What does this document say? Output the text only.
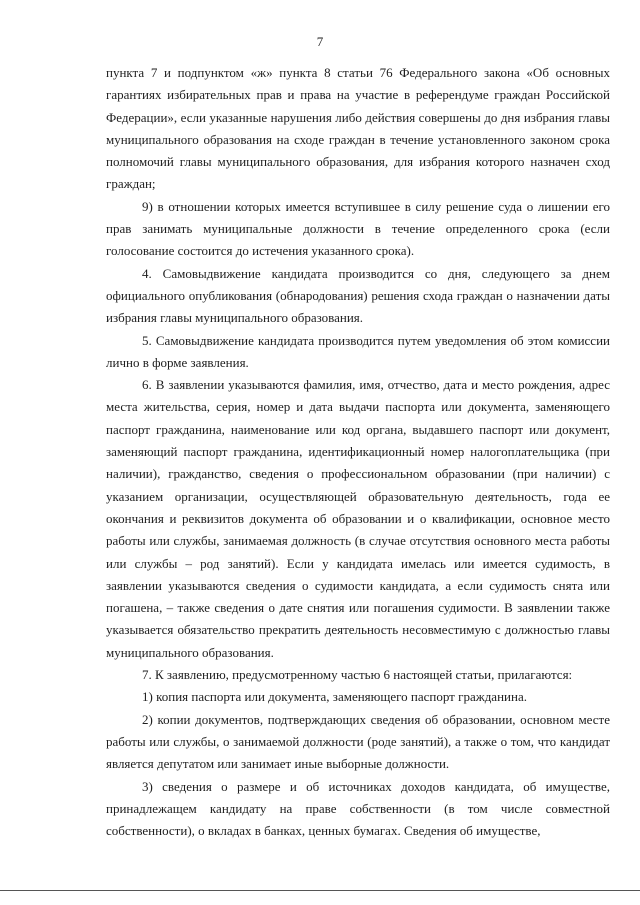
7

пункта 7 и подпунктом «ж» пункта 8 статьи 76 Федерального закона «Об основных гарантиях избирательных прав и права на участие в референдуме граждан Российской Федерации», если указанные нарушения либо действия совершены до дня избрания главы муниципального образования на сходе граждан в течение установленного законом срока полномочий главы муниципального образования, для избрания которого назначен сход граждан;

9) в отношении которых имеется вступившее в силу решение суда о лишении его прав занимать муниципальные должности в течение определенного срока (если голосование состоится до истечения указанного срока).

4. Самовыдвижение кандидата производится со дня, следующего за днем официального опубликования (обнародования) решения схода граждан о назначении даты избрания главы муниципального образования.

5. Самовыдвижение кандидата производится путем уведомления об этом комиссии лично в форме заявления.

6. В заявлении указываются фамилия, имя, отчество, дата и место рождения, адрес места жительства, серия, номер и дата выдачи паспорта или документа, заменяющего паспорт гражданина, наименование или код органа, выдавшего паспорт или документ, заменяющий паспорт гражданина, идентификационный номер налогоплательщика (при наличии), гражданство, сведения о профессиональном образовании (при наличии) с указанием организации, осуществляющей образовательную деятельность, года ее окончания и реквизитов документа об образовании и о квалификации, основное место работы или службы, занимаемая должность (в случае отсутствия основного места работы или службы – род занятий). Если у кандидата имелась или имеется судимость, в заявлении указываются сведения о судимости кандидата, а если судимость снята или погашена, – также сведения о дате снятия или погашения судимости. В заявлении также указывается обязательство прекратить деятельность несовместимую с должностью главы муниципального образования.

7. К заявлению, предусмотренному частью 6 настоящей статьи, прилагаются:

1) копия паспорта или документа, заменяющего паспорт гражданина.

2) копии документов, подтверждающих сведения об образовании, основном месте работы или службы, о занимаемой должности (роде занятий), а также о том, что кандидат является депутатом или занимает иные выборные должности.

3) сведения о размере и об источниках доходов кандидата, об имуществе, принадлежащем кандидату на праве собственности (в том числе совместной собственности), о вкладах в банках, ценных бумагах. Сведения об имуществе,
